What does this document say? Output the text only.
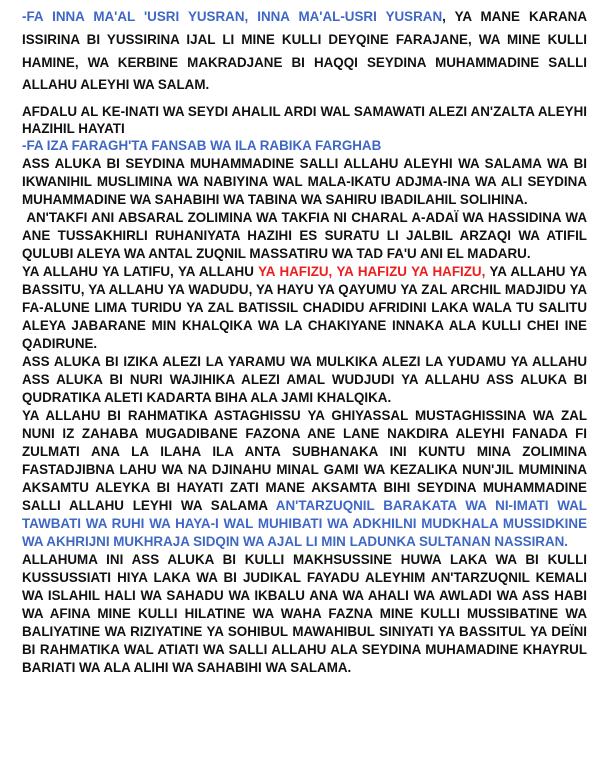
-FA INNA MA'AL 'USRI YUSRAN, INNA MA'AL-USRI YUSRAN, YA MANE KARANA ISSIRINA BI YUSSIRINA IJAL LI MINE KULLI DEYQINE FARAJANE, WA MINE KULLI HAMINE, WA KERBINE MAKRADJANE BI HAQQI SEYDINA MUHAMMADINE SALLI ALLAHU ALEYHI WA SALAM.

AFDALU AL KE-INATI WA SEYDI AHALIL ARDI WAL SAMAWATI ALEZI AN'ZALTA ALEYHI HAZIHIL HAYATI

-FA IZA FARAGH'TA FANSAB WA ILA RABIKA FARGHAB

ASS ALUKA BI SEYDINA MUHAMMADINE SALLI ALLAHU ALEYHI WA SALAMA WA BI IKWANIHIL MUSLIMINA WA NABIYINA WAL MALA-IKATU ADJMA-INA WA ALI SEYDINA MUHAMMADINE WA SAHABIHI WA TABINA WA SAHIRU IBADILAHIL SOLIHINA.

AN'TAKFI ANI ABSARAL ZOLIMINA WA TAKFIA NI CHARAL A-ADAÏ WA HASSIDINA WA ANE TUSSAKHIRLI RUHANIYATA HAZIHI ES SURATU LI JALBIL ARZAQI WA ATIFIL QULUBI ALEYA WA ANTAL ZUQNIL MASSATIRU WA TAD FA'U ANI EL MADARU.

YA ALLAHU YA LATIFU, YA ALLAHU YA HAFIZU, YA HAFIZU YA HAFIZU, YA ALLAHU YA BASSITU, YA ALLAHU YA WADUDU, YA HAYU YA QAYUMU YA ZAL ARCHIL MADJIDU YA FA-ALUNE LIMA TURIDU YA ZAL BATISSIL CHADIDU AFRIDINI LAKA WALA TU SALITU ALEYA JABARANE MIN KHALQIKA WA LA CHAKIYANE INNAKA ALA KULLI CHEI INE QADIRUNE.

ASS ALUKA BI IZIKA ALEZI LA YARAMU WA MULKIKA ALEZI LA YUDAMU YA ALLAHU ASS ALUKA BI NURI WAJIHIKA ALEZI AMAL WUDJUDI YA ALLAHU ASS ALUKA BI QUDRATIKA ALETI KADARTA BIHA ALA JAMI KHALQIKA.

YA ALLAHU BI RAHMATIKA ASTAGHISSU YA GHIYASSAL MUSTAGHISSINA WA ZAL NUNI IZ ZAHABA MUGADIBANE FAZONA ANE LANE NAKDIRA ALEYHI FANADA FI ZULMATI ANA LA ILAHA ILA ANTA SUBHANAKA INI KUNTU MINA ZOLIMINA FASTADJIBNA LAHU WA NA DJINAHU MINAL GAMI WA KEZALIKA NUN'JIL MUMININA AKSAMTU ALEYKA BI HAYATI ZATI MANE AKSAMTA BIHI SEYDINA MUHAMMADINE SALLI ALLAHU LEYHI WA SALAMA AN'TARZUQNIL BARAKATA WA NI-IMATI WAL TAWBATI WA RUHI WA HAYA-I WAL MUHIBATI WA ADKHILNI MUDKHALA MUSSIDKINE WA AKHRIJNI MUKHRAJA SIDQIN WA AJAL LI MIN LADUNKA SULTANAN NASSIRAN.

ALLAHUMA INI ASS ALUKA BI KULLI MAKHSUSSINE HUWA LAKA WA BI KULLI KUSSUSSIATI HIYA LAKA WA BI JUDIKAL FAYADU ALEYHIM AN'TARZUQNIL KEMALI WA ISLAHIL HALI WA SAHADU WA IKBALU ANA WA AHALI WA AWLADI WA ASS HABI WA AFINA MINE KULLI HILATINE WA WAHA FAZNA MINE KULLI MUSSIBATINE WA BALIYATINE WA RIZIYATINE YA SOHIBUL MAWAHIBUL SINIYATI YA BASSITUL YA DEÏNI BI RAHMATIKA WAL ATIATI WA SALLI ALLAHU ALA SEYDINA MUHAMADINE KHAYRUL BARIATI WA ALA ALIHI WA SAHABIHI WA SALAMA.
